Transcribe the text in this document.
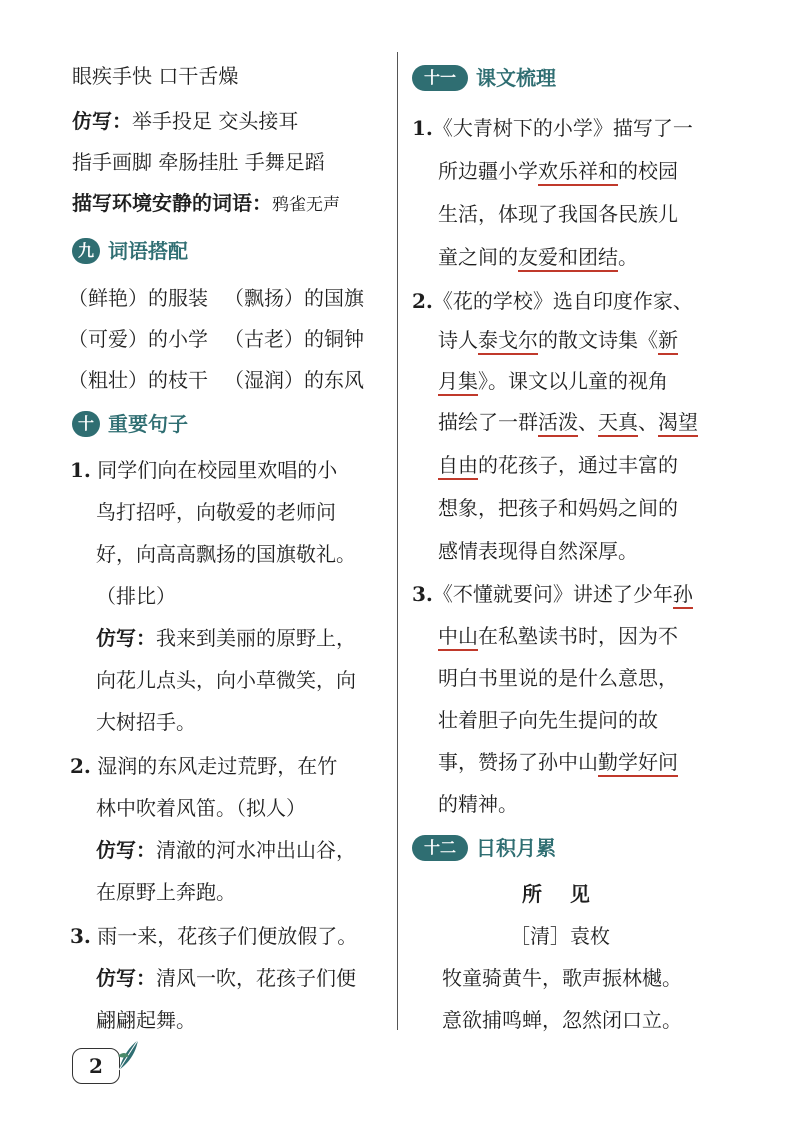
眼疾手快 口干舌燥
仿写：举手投足 交头接耳
指手画脚 牵肠挂肚 手舞足蹈
描写环境安静的词语：鸦雀无声
九 词语搭配
（鲜艳）的服装 （飘扬）的国旗
（可爱）的小学 （古老）的铜钟
（粗壮）的枝干 （湿润）的东风
十 重要句子
1. 同学们向在校园里欢唱的小
鸟打招呼，向敬爱的老师问
好，向高高飘扬的国旗敬礼。
（排比）
仿写：我来到美丽的原野上，
向花儿点头，向小草微笑，向
大树招手。
2. 湿润的东风走过荒野，在竹
林中吹着风笛。（拟人）
仿写：清澈的河水冲出山谷，
在原野上奔跑。
3. 雨一来，花孩子们便放假了。
仿写：清风一吹，花孩子们便
翩翩起舞。
十一	课文梳理
1.《大青树下的小学》描写了一
所边疆小学欢乐祥和的校园
生活，体现了我国各民族儿
童之间的友爱和团结。
2.《花的学校》选自印度作家、
诗人泰戈尔的散文诗集《新
月集》。课文以儿童的视角
描绘了一群活泼、天真、渴望
自由的花孩子，通过丰富的
想象，把孩子和妈妈之间的
感情表现得自然深厚。
3.《不懂就要问》讲述了少年孙
中山在私塾读书时，因为不
明白书里说的是什么意思，
壮着胆子向先生提问的故
事，赞扬了孙中山勤学好问
的精神。
十二	日积月累
所    见
［清］袁枚
牧童骑黄牛，歌声振林樾。
意欲捕鸣蝉，忽然闭口立。
2
